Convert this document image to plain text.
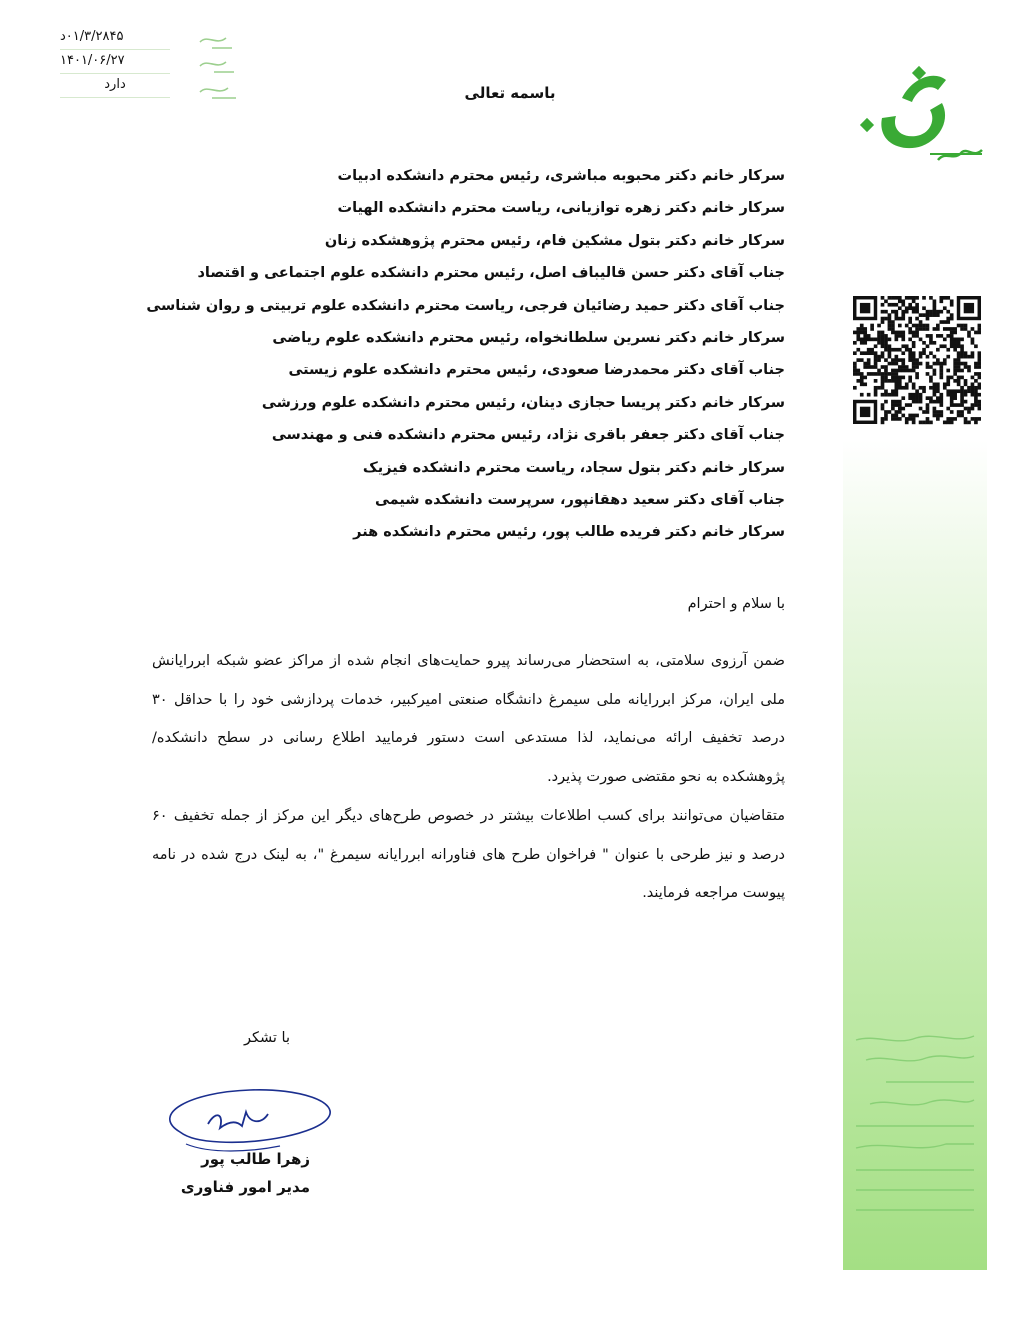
۰۱/۳/۲۸۴۵د
۱۴۰۱/۰۶/۲۷
دارد	باسمه تعالی
سرکار خانم دکتر محبوبه مباشری، رئیس محترم دانشکده ادبیات
سرکار خانم دکتر زهره توازیانی، ریاست محترم دانشکده الهیات
سرکار خانم دکتر بتول مشکین فام، رئیس محترم پژوهشکده زنان
جناب آقای دکتر حسن قالیباف اصل، رئیس محترم دانشکده علوم اجتماعی و اقتصاد
جناب آقای دکتر حمید رضائیان فرجی، ریاست محترم دانشکده علوم تربیتی و روان شناسی
سرکار خانم دکتر نسرین سلطانخواه، رئیس محترم دانشکده علوم ریاضی
جناب آقای دکتر محمدرضا صعودی، رئیس محترم دانشکده علوم زیستی
سرکار خانم دکتر پریسا حجازی دینان، رئیس محترم دانشکده علوم ورزشی
جناب آقای دکتر جعفر باقری نژاد، رئیس محترم دانشکده فنی و مهندسی
سرکار خانم دکتر بتول سجاد، ریاست محترم دانشکده فیزیک
جناب آقای دکتر سعید دهقانپور، سرپرست دانشکده شیمی
سرکار خانم دکتر فریده طالب پور، رئیس محترم دانشکده هنر
با سلام و احترام

ضمن آرزوی سلامتی، به استحضار می‌رساند پیرو حمایت‌های انجام شده از مراکز عضو شبکه ابررایانش ملی ایران، مرکز ابررایانه ملی سیمرغ دانشگاه صنعتی امیرکبیر، خدمات پردازشی خود را با حداقل ۳۰ درصد تخفیف ارائه می‌نماید، لذا مستدعی است دستور فرمایید اطلاع رسانی در سطح دانشکده/ پژوهشکده به نحو مقتضی صورت پذیرد.

متقاضیان می‌توانند برای کسب اطلاعات بیشتر در خصوص طرح‌های دیگر این مرکز از جمله تخفیف ۶۰ درصد و نیز طرحی با عنوان " فراخوان طرح های فناورانه ابررایانه سیمرغ "، به لینک درج شده در نامه پیوست مراجعه فرمایند.

با تشکر
زهرا طالب پور
مدیر امور فناوری
